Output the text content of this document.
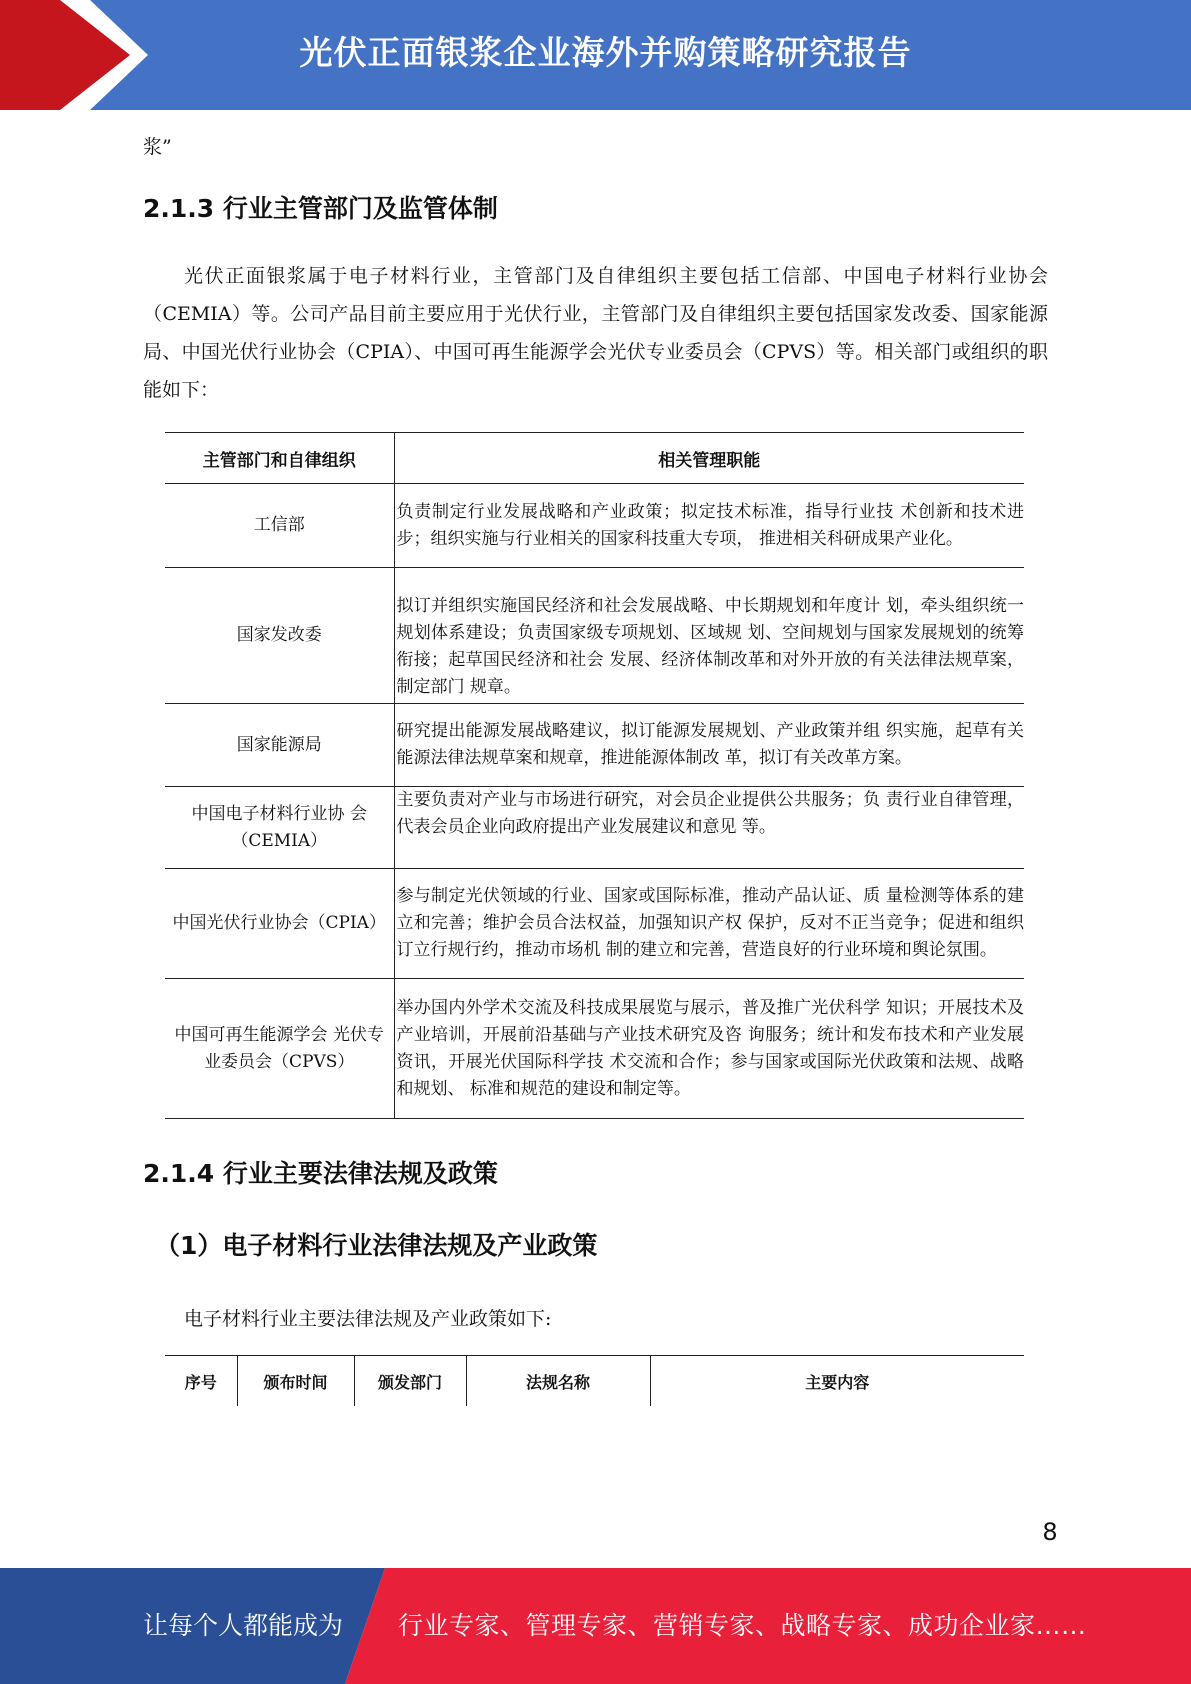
光伏正面银浆企业海外并购策略研究报告

浆”

2.1.3 行业主管部门及监管体制

光伏正面银浆属于电子材料行业，主管部门及自律组织主要包括工信部、中国电子材料行业协会（CEMIA）等。公司产品目前主要应用于光伏行业，主管部门及自律组织主要包括国家发改委、国家能源局、中国光伏行业协会（CPIA）、中国可再生能源学会光伏专业委员会（CPVS）等。相关部门或组织的职能如下：

主管部门和自律组织	相关管理职能
工信部	负责制定行业发展战略和产业政策；拟定技术标准，指导行业技 术创新和技术进步；组织实施与行业相关的国家科技重大专项， 推进相关科研成果产业化。
国家发改委	拟订并组织实施国民经济和社会发展战略、中长期规划和年度计 划，牵头组织统一规划体系建设；负责国家级专项规划、区域规 划、空间规划与国家发展规划的统筹衔接；起草国民经济和社会 发展、经济体制改革和对外开放的有关法律法规草案，制定部门 规章。
国家能源局	研究提出能源发展战略建议，拟订能源发展规划、产业政策并组 织实施，起草有关能源法律法规草案和规章，推进能源体制改 革，拟订有关改革方案。
中国电子材料行业协 会（CEMIA）	主要负责对产业与市场进行研究，对会员企业提供公共服务；负 责行业自律管理，代表会员企业向政府提出产业发展建议和意见 等。
中国光伏行业协会（CPIA）	参与制定光伏领域的行业、国家或国际标准，推动产品认证、质 量检测等体系的建立和完善；维护会员合法权益，加强知识产权 保护，反对不正当竞争；促进和组织订立行规行约，推动市场机 制的建立和完善，营造良好的行业环境和舆论氛围。
中国可再生能源学会 光伏专业委员会（CPVS）	举办国内外学术交流及科技成果展览与展示，普及推广光伏科学 知识；开展技术及产业培训，开展前沿基础与产业技术研究及咨 询服务；统计和发布技术和产业发展资讯，开展光伏国际科学技 术交流和合作；参与国家或国际光伏政策和法规、战略和规划、 标准和规范的建设和制定等。
2.1.4 行业主要法律法规及政策
（1）电子材料行业法律法规及产业政策

电子材料行业主要法律法规及产业政策如下:

序号	颁布时间	颁发部门	法规名称	主要内容
8
让每个人都能成为 行业专家、管理专家、营销专家、战略专家、成功企业家……
